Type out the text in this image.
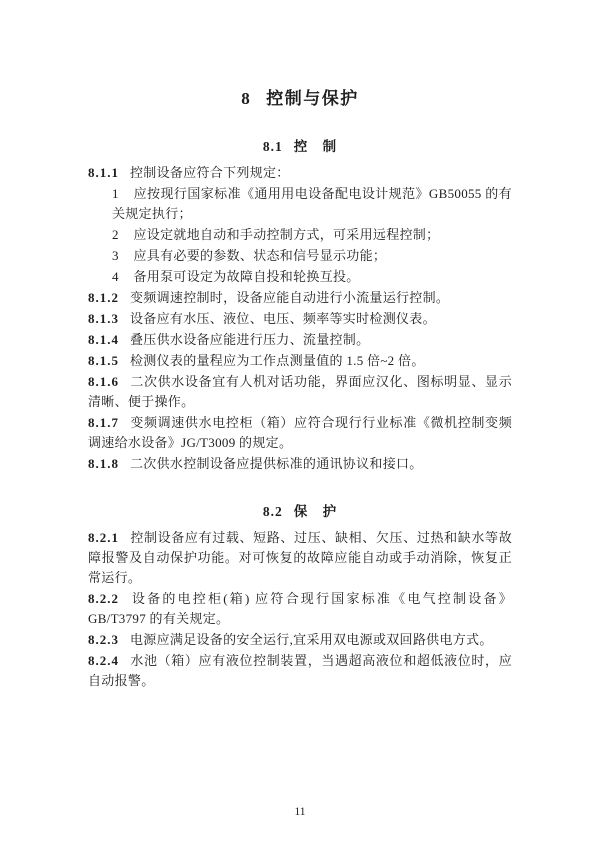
8 控制与保护
8.1 控　制

8.1.1 控制设备应符合下列规定：

1 应按现行国家标准《通用用电设备配电设计规范》GB50055 的有关规定执行；

2 应设定就地自动和手动控制方式，可采用远程控制；

3 应具有必要的参数、状态和信号显示功能；

4 备用泵可设定为故障自投和轮换互投。

8.1.2 变频调速控制时，设备应能自动进行小流量运行控制。

8.1.3 设备应有水压、液位、电压、频率等实时检测仪表。

8.1.4 叠压供水设备应能进行压力、流量控制。

8.1.5 检测仪表的量程应为工作点测量值的 1.5 倍~2 倍。

8.1.6 二次供水设备宜有人机对话功能，界面应汉化、图标明显、显示清晰、便于操作。

8.1.7 变频调速供水电控柜（箱）应符合现行行业标准《微机控制变频调速给水设备》JG/T3009 的规定。

8.1.8 二次供水控制设备应提供标准的通讯协议和接口。

8.2 保　护

8.2.1 控制设备应有过载、短路、过压、缺相、欠压、过热和缺水等故障报警及自动保护功能。对可恢复的故障应能自动或手动消除，恢复正常运行。

8.2.2 设备的电控柜(箱) 应符合现行国家标准《电气控制设备》GB/T3797 的有关规定。

8.2.3 电源应满足设备的安全运行,宜采用双电源或双回路供电方式。

8.2.4 水池（箱）应有液位控制装置，当遇超高液位和超低液位时，应自动报警。

11
